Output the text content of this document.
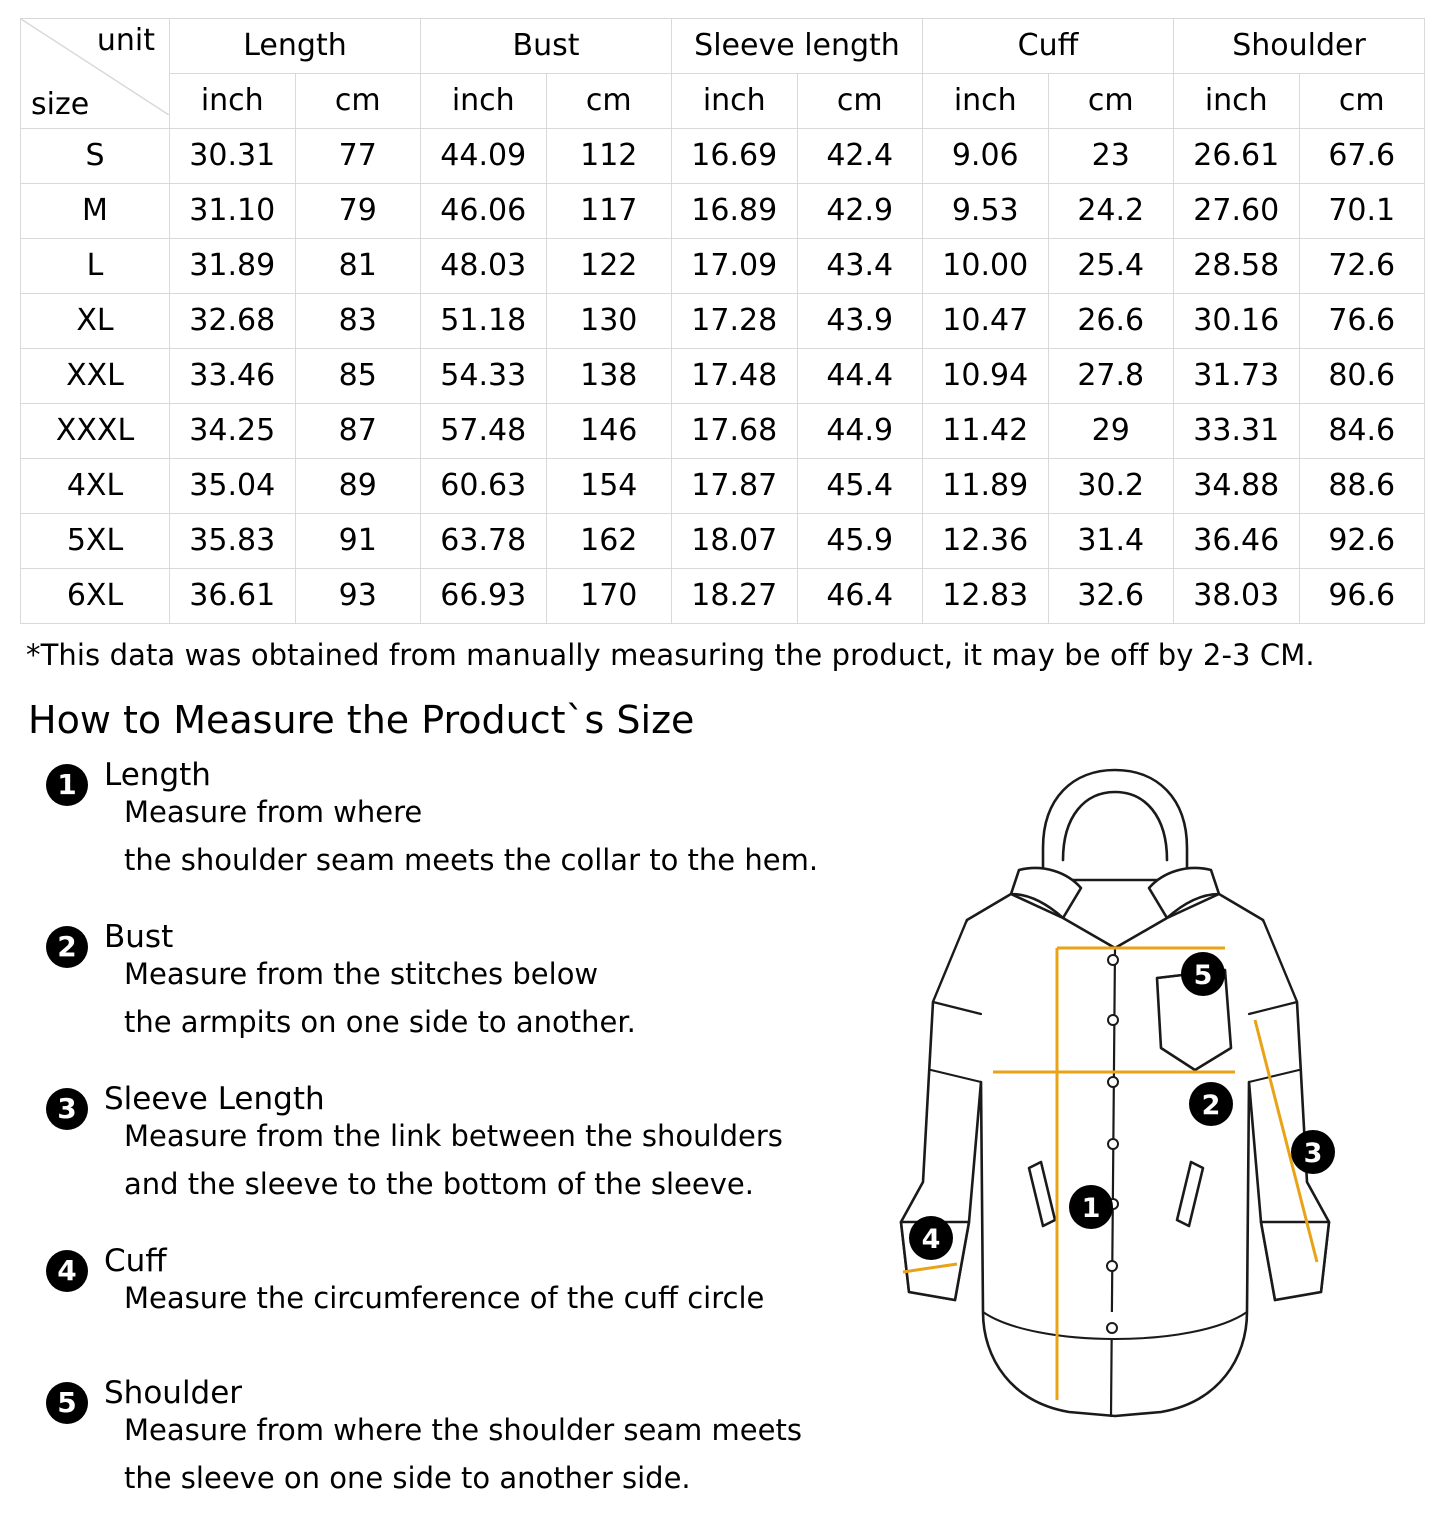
unit
size	Length		Bust		Sleeve length		Cuff		Shoulder	
	inch	cm	inch	cm	inch	cm	inch	cm	inch	cm
S	30.31	77	44.09	112	16.69	42.4	9.06	23	26.61	67.6
M	31.10	79	46.06	117	16.89	42.9	9.53	24.2	27.60	70.1
L	31.89	81	48.03	122	17.09	43.4	10.00	25.4	28.58	72.6
XL	32.68	83	51.18	130	17.28	43.9	10.47	26.6	30.16	76.6
XXL	33.46	85	54.33	138	17.48	44.4	10.94	27.8	31.73	80.6
XXXL	34.25	87	57.48	146	17.68	44.9	11.42	29	33.31	84.6
4XL	35.04	89	60.63	154	17.87	45.4	11.89	30.2	34.88	88.6
5XL	35.83	91	63.78	162	18.07	45.9	12.36	31.4	36.46	92.6
6XL	36.61	93	66.93	170	18.27	46.4	12.83	32.6	38.03	96.6
*This data was obtained from manually measuring the product, it may be off by 2-3 CM.
How to Measure the Product`s Size
1 Length
Measure from where
the shoulder seam meets the collar to the hem.
2 Bust
Measure from the stitches below
the armpits on one side to another.
3 Sleeve Length
Measure from the link between the shoulders
and the sleeve to the bottom of the sleeve.
4 Cuff
Measure the circumference of the cuff circle
5 Shoulder
Measure from where the shoulder seam meets
the sleeve on one side to another side.
5
2
3
1
4
